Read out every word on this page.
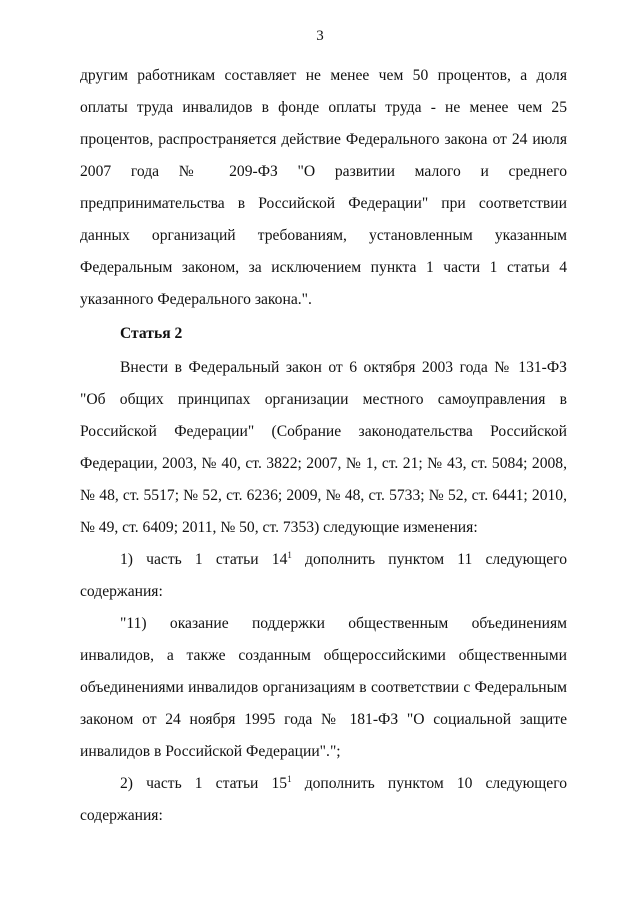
3

другим работникам составляет не менее чем 50 процентов, а доля оплаты труда инвалидов в фонде оплаты труда - не менее чем 25 процентов, распространяется действие Федерального закона от 24 июля 2007 года № 209-ФЗ "О развитии малого и среднего предпринимательства в Российской Федерации" при соответствии данных организаций требованиям, установленным указанным Федеральным законом, за исключением пункта 1 части 1 статьи 4 указанного Федерального закона.".

Статья 2

Внести в Федеральный закон от 6 октября 2003 года № 131-ФЗ "Об общих принципах организации местного самоуправления в Российской Федерации" (Собрание законодательства Российской Федерации, 2003, № 40, ст. 3822; 2007, № 1, ст. 21; № 43, ст. 5084; 2008, № 48, ст. 5517; № 52, ст. 6236; 2009, № 48, ст. 5733; № 52, ст. 6441; 2010, № 49, ст. 6409; 2011, № 50, ст. 7353) следующие изменения:

1) часть 1 статьи $14^1$ дополнить пунктом 11 следующего содержания:

"11) оказание поддержки общественным объединениям инвалидов, а также созданным общероссийскими общественными объединениями инвалидов организациям в соответствии с Федеральным законом от 24 ноября 1995 года № 181-ФЗ "О социальной защите инвалидов в Российской Федерации".";

2) часть 1 статьи $15^1$ дополнить пунктом 10 следующего содержания:
